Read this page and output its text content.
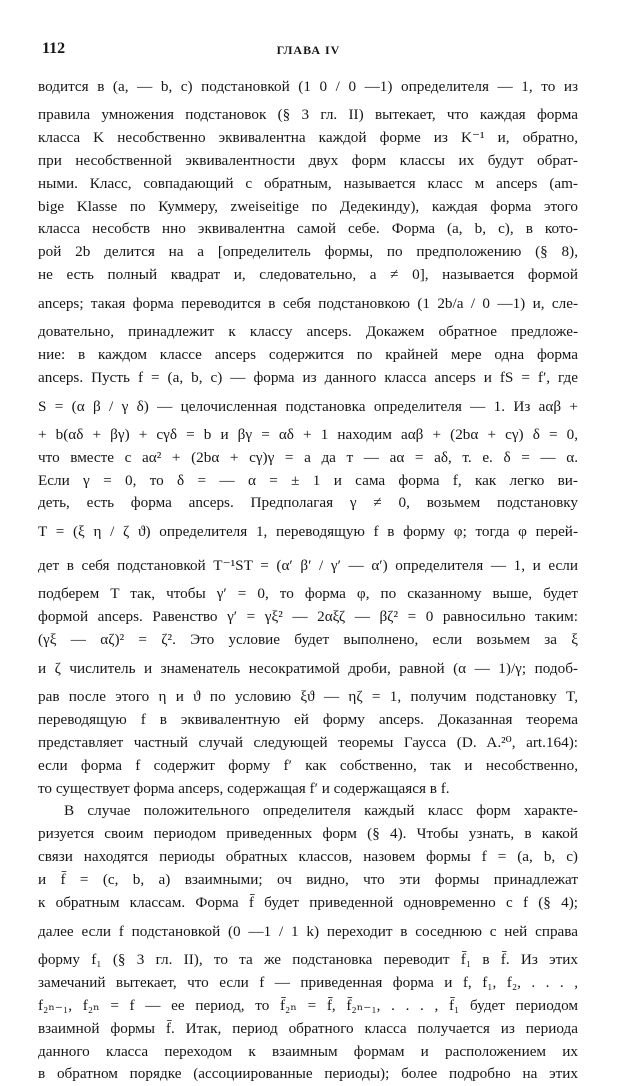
112	ГЛАВА IV
водится в (a, — b, c) подстановкой (1 0 / 0 —1) определителя — 1, то из
правила умножения подстановок (§ 3 гл. II) вытекает, что каждая форма
класса K несобственно эквивалентна каждой форме из K⁻¹ и, обратно,
при несобственной эквивалентности двух форм классы их будут обрат-
ными. Класс, совпадающий с обратным, называется класс м anceps (am-
bige Klasse по Куммеру, zweiseitige по Дедекинду), каждая форма этого
класса несобств нно эквивалентна самой себе. Форма (a, b, c), в кото-
рой 2b делится на a [определитель формы, по предположению (§ 8),
не есть полный квадрат и, следовательно, a ≠ 0], называется формой
anceps; такая форма переводится в себя подстановкою (1 2b/a / 0 —1) и, сле-
довательно, принадлежит к классу anceps. Докажем обратное предложе-
ние: в каждом классе anceps содержится по крайней мере одна форма
anceps. Пусть f = (a, b, c) — форма из данного класса anceps и fS = f′, где
S = (α β / γ δ) — целочисленная подстановка определителя — 1. Из aαβ +
+ b(αδ + βγ) + cγδ = b и βγ = αδ + 1 находим aαβ + (2bα + cγ) δ = 0,
что вместе с aα² + (2bα + cγ)γ = a да т — aα = aδ, т. е. δ = — α.
Если γ = 0, то δ = — α = ± 1 и сама форма f, как легко ви-
деть, есть форма anceps. Предполагая γ ≠ 0, возьмем подстановку
T = (ξ η / ζ ϑ) определителя 1, переводящую f в форму φ; тогда φ перей-
дет в себя подстановкой T⁻¹ST = (α′ β′ / γ′ — α′) определителя — 1, и если
подберем T так, чтобы γ′ = 0, то форма φ, по сказанному выше, будет
формой anceps. Равенство γ′ = γξ² — 2αξζ — βζ² = 0 равносильно таким:
(γξ — αζ)² = ζ². Это условие будет выполнено, если возьмем за ξ
и ζ числитель и знаменатель несократимой дроби, равной (α — 1)/γ; подоб-
рав после этого η и ϑ по условию ξϑ — ηζ = 1, получим подстановку T,
переводящую f в эквивалентную ей форму anceps. Доказанная теорема
представляет частный случай следующей теоремы Гаусса (D. A.²⁰, art.164):
если форма f содержит форму f′ как собственно, так и несобственно,
то существует форма anceps, содержащая f′ и содержащаяся в f.
В случае положительного определителя каждый класс форм характе-
ризуется своим периодом приведенных форм (§ 4). Чтобы узнать, в какой
связи находятся периоды обратных классов, назовем формы f = (a, b, c)
и f̄ = (c, b, a) взаимными; оч видно, что эти формы принадлежат
к обратным классам. Форма f̄ будет приведенной одновременно с f (§ 4);
далее если f подстановкой (0 —1 / 1 k) переходит в соседнюю с ней справа
форму f₁ (§ 3 гл. II), то та же подстановка переводит f̄₁ в f̄. Из этих
замечаний вытекает, что если f — приведенная форма и f, f₁, f₂, . . . ,
f₂ₙ₋₁, f₂ₙ = f — ее период, то f̄₂ₙ = f̄, f̄₂ₙ₋₁, . . . , f̄₁ будет периодом
взаимной формы f̄. Итак, период обратного класса получается из периода
данного класса переходом к взаимным формам и расположением их
в обратном порядке (ассоциированные периоды); более подробно на этих
